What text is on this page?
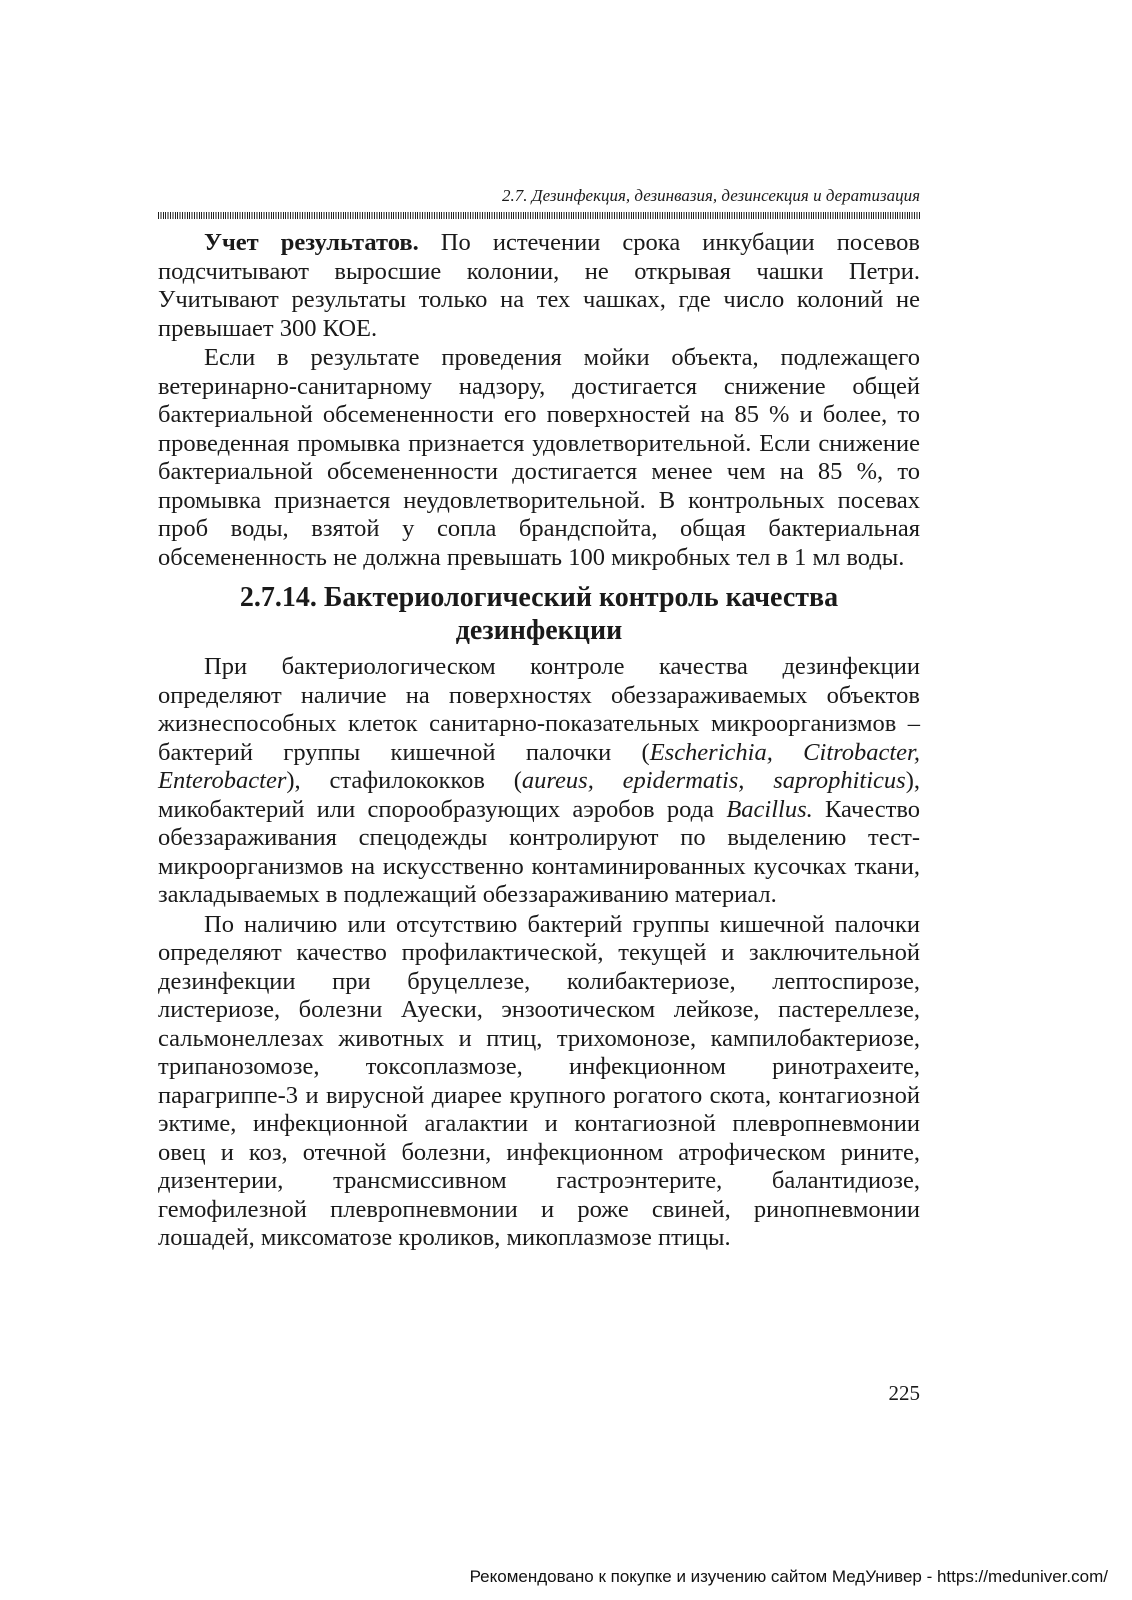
2.7. Дезинфекция, дезинвазия, дезинсекция и дератизация

Учет результатов. По истечении срока инкубации посевов подсчитывают выросшие колонии, не открывая чашки Петри. Учитывают результаты только на тех чашках, где число колоний не превышает 300 КОЕ.

Если в результате проведения мойки объекта, подлежащего ветеринарно-санитарному надзору, достигается снижение общей бактериальной обсемененности его поверхностей на 85 % и более, то проведенная промывка признается удовлетворительной. Если снижение бактериальной обсемененности достигается менее чем на 85 %, то промывка признается неудовлетворительной. В контрольных посевах проб воды, взятой у сопла брандспойта, общая бактериальная обсемененность не должна превышать 100 микробных тел в 1 мл воды.

2.7.14. Бактериологический контроль качества дезинфекции

При бактериологическом контроле качества дезинфекции определяют наличие на поверхностях обеззараживаемых объектов жизнеспособных клеток санитарно-показательных микроорганизмов – бактерий группы кишечной палочки (Escherichia, Citrobacter, Enterobacter), стафилококков (aureus, epidermatis, saprophiticus), микобактерий или спорообразующих аэробов рода Bacillus. Качество обеззараживания спецодежды контролируют по выделению тест-микроорганизмов на искусственно контаминированных кусочках ткани, закладываемых в подлежащий обеззараживанию материал.

По наличию или отсутствию бактерий группы кишечной палочки определяют качество профилактической, текущей и заключительной дезинфекции при бруцеллезе, колибактериозе, лептоспирозе, листериозе, болезни Ауески, энзоотическом лейкозе, пастереллезе, сальмонеллезах животных и птиц, трихомонозе, кампилобактериозе, трипанозомозе, токсоплазмозе, инфекционном ринотрахеите, парагриппе-3 и вирусной диарее крупного рогатого скота, контагиозной эктиме, инфекционной агалактии и контагиозной плевропневмонии овец и коз, отечной болезни, инфекционном атрофическом рините, дизентерии, трансмиссивном гастроэнтерите, балантидиозе, гемофилезной плевропневмонии и роже свиней, ринопневмонии лошадей, миксоматозе кроликов, микоплазмозе птицы.

225
Рекомендовано к покупке и изучению сайтом МедУнивер - https://meduniver.com/
